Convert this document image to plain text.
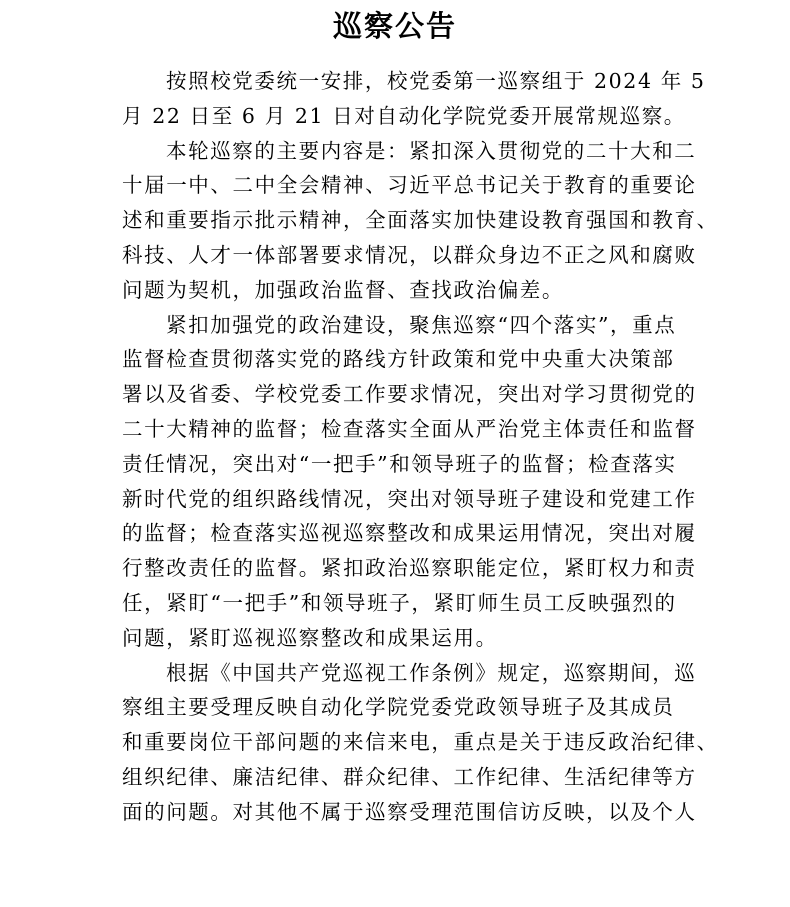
巡察公告
按照校党委统一安排，校党委第一巡察组于 2024 年 5
月 22 日至 6 月 21 日对自动化学院党委开展常规巡察。
本轮巡察的主要内容是：紧扣深入贯彻党的二十大和二
十届一中、二中全会精神、习近平总书记关于教育的重要论
述和重要指示批示精神，全面落实加快建设教育强国和教育、
科技、人才一体部署要求情况，以群众身边不正之风和腐败
问题为契机，加强政治监督、查找政治偏差。
紧扣加强党的政治建设，聚焦巡察“四个落实”，重点
监督检查贯彻落实党的路线方针政策和党中央重大决策部
署以及省委、学校党委工作要求情况，突出对学习贯彻党的
二十大精神的监督；检查落实全面从严治党主体责任和监督
责任情况，突出对“一把手”和领导班子的监督；检查落实
新时代党的组织路线情况，突出对领导班子建设和党建工作
的监督；检查落实巡视巡察整改和成果运用情况，突出对履
行整改责任的监督。紧扣政治巡察职能定位，紧盯权力和责
任，紧盯“一把手”和领导班子，紧盯师生员工反映强烈的
问题，紧盯巡视巡察整改和成果运用。
根据《中国共产党巡视工作条例》规定，巡察期间，巡
察组主要受理反映自动化学院党委党政领导班子及其成员
和重要岗位干部问题的来信来电，重点是关于违反政治纪律、
组织纪律、廉洁纪律、群众纪律、工作纪律、生活纪律等方
面的问题。对其他不属于巡察受理范围信访反映，以及个人
